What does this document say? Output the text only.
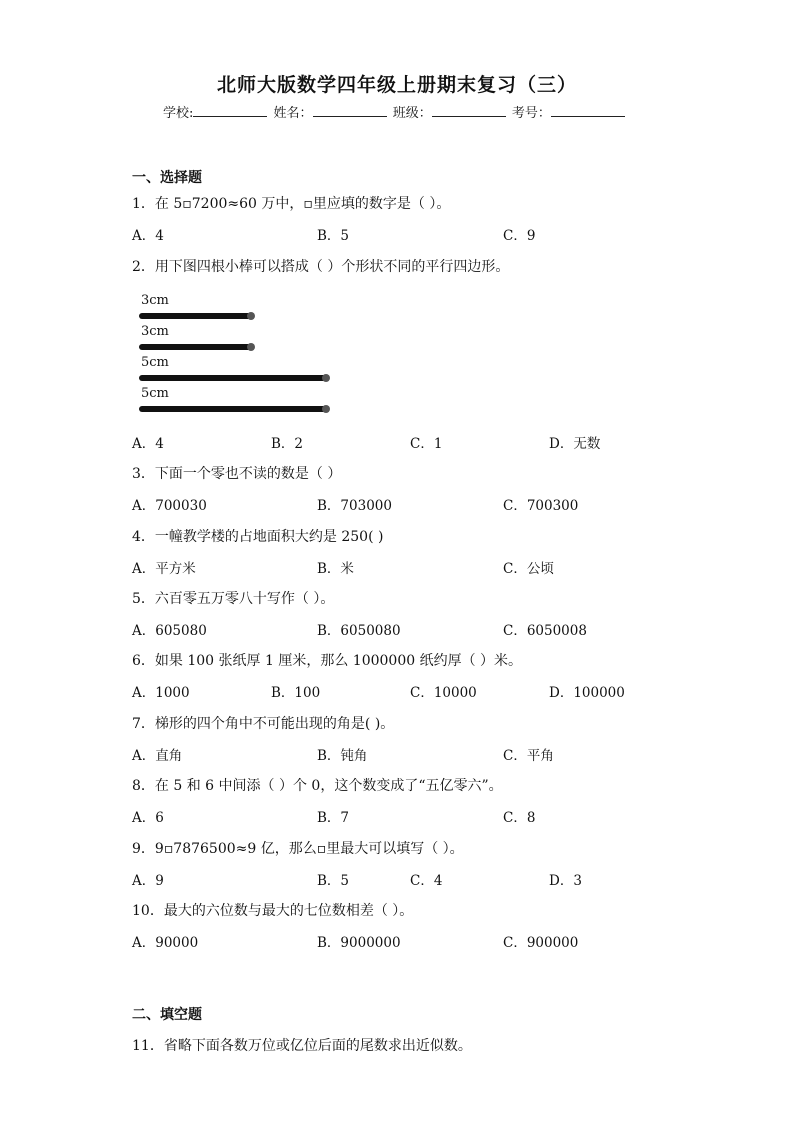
北师大版数学四年级上册期末复习（三）
学校:	姓名：	班级：	考号：
一、选择题
1．在 5▫7200≈60 万中，▫里应填的数字是（ ）。
A．4	B．5	C．9
2．用下图四根小棒可以搭成（ ）个形状不同的平行四边形。
3cm
3cm
5cm
5cm
A．4	B．2	C．1	D．无数
3．下面一个零也不读的数是（ ）
A．700030	B．703000	C．700300
4．一幢教学楼的占地面积大约是 250( )
A．平方米	B．米	C．公顷
5．六百零五万零八十写作（ ）。
A．605080	B．6050080	C．6050008
6．如果 100 张纸厚 1 厘米，那么 1000000 纸约厚（ ）米。
A．1000	B．100	C．10000	D．100000
7．梯形的四个角中不可能出现的角是( )。
A．直角	B．钝角	C．平角
8．在 5 和 6 中间添（ ）个 0，这个数变成了“五亿零六”。
A．6	B．7	C．8
9．9▫7876500≈9 亿，那么▫里最大可以填写（ ）。
A．9	B．5	C．4	D．3
10．最大的六位数与最大的七位数相差（ ）。
A．90000	B．9000000	C．900000
二、填空题
11．省略下面各数万位或亿位后面的尾数求出近似数。
